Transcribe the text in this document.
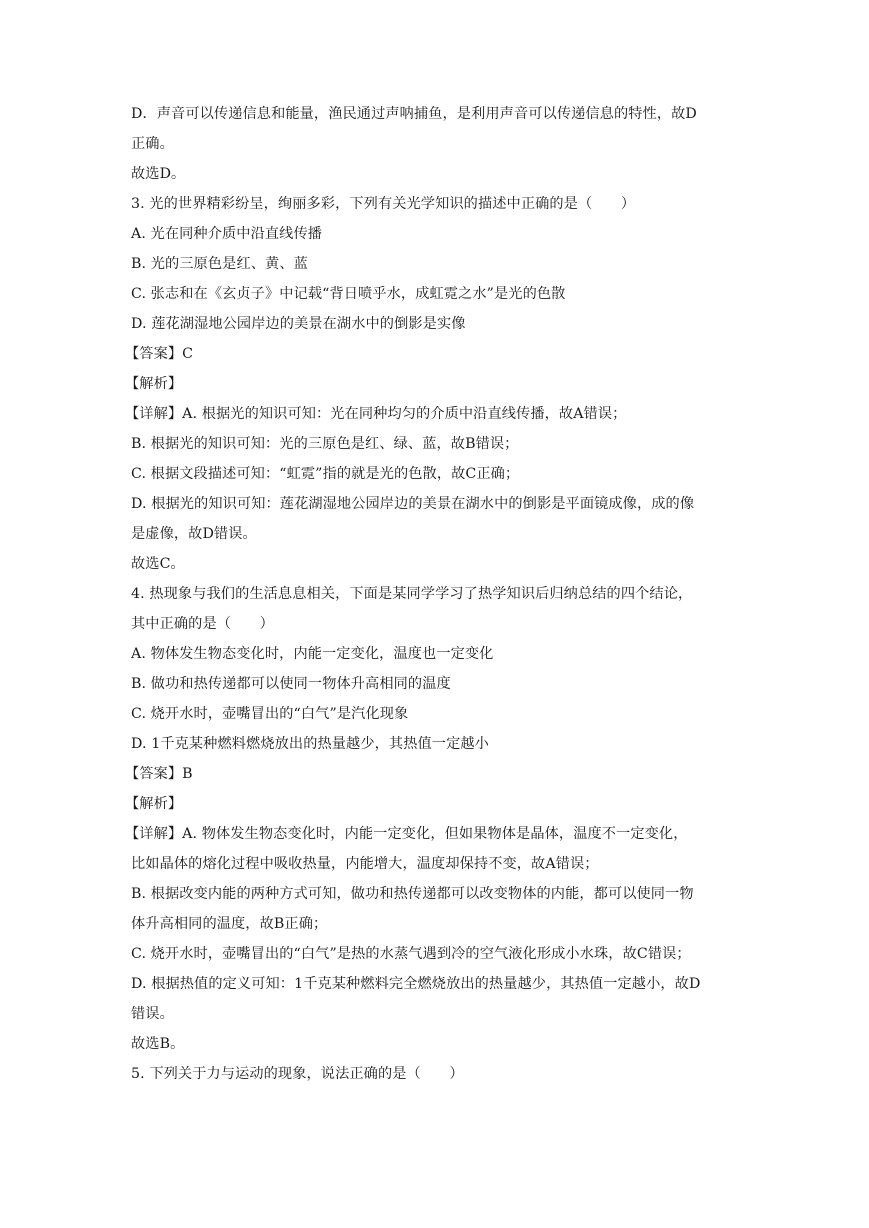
D．声音可以传递信息和能量，渔民通过声呐捕鱼，是利用声音可以传递信息的特性，故D
正确。
故选D。
3. 光的世界精彩纷呈，绚丽多彩，下列有关光学知识的描述中正确的是（　　）
A. 光在同种介质中沿直线传播
B. 光的三原色是红、黄、蓝
C. 张志和在《玄贞子》中记载“背日喷乎水，成虹霓之水”是光的色散
D. 莲花湖湿地公园岸边的美景在湖水中的倒影是实像
【答案】C
【解析】
【详解】A. 根据光的知识可知：光在同种均匀的介质中沿直线传播，故A错误；
B. 根据光的知识可知：光的三原色是红、绿、蓝，故B错误；
C. 根据文段描述可知：“虹霓”指的就是光的色散，故C正确；
D. 根据光的知识可知：莲花湖湿地公园岸边的美景在湖水中的倒影是平面镜成像，成的像
是虚像，故D错误。
故选C。
4. 热现象与我们的生活息息相关，下面是某同学学习了热学知识后归纳总结的四个结论，
其中正确的是（　　）
A. 物体发生物态变化时，内能一定变化，温度也一定变化
B. 做功和热传递都可以使同一物体升高相同的温度
C. 烧开水时，壶嘴冒出的“白气”是汽化现象
D. 1千克某种燃料燃烧放出的热量越少，其热值一定越小
【答案】B
【解析】
【详解】A. 物体发生物态变化时，内能一定变化，但如果物体是晶体，温度不一定变化，
比如晶体的熔化过程中吸收热量，内能增大，温度却保持不变，故A错误；
B. 根据改变内能的两种方式可知，做功和热传递都可以改变物体的内能，都可以使同一物
体升高相同的温度，故B正确；
C. 烧开水时，壶嘴冒出的“白气”是热的水蒸气遇到冷的空气液化形成小水珠，故C错误；
D. 根据热值的定义可知：1千克某种燃料完全燃烧放出的热量越少，其热值一定越小，故D
错误。
故选B。
5. 下列关于力与运动的现象，说法正确的是（　　）
